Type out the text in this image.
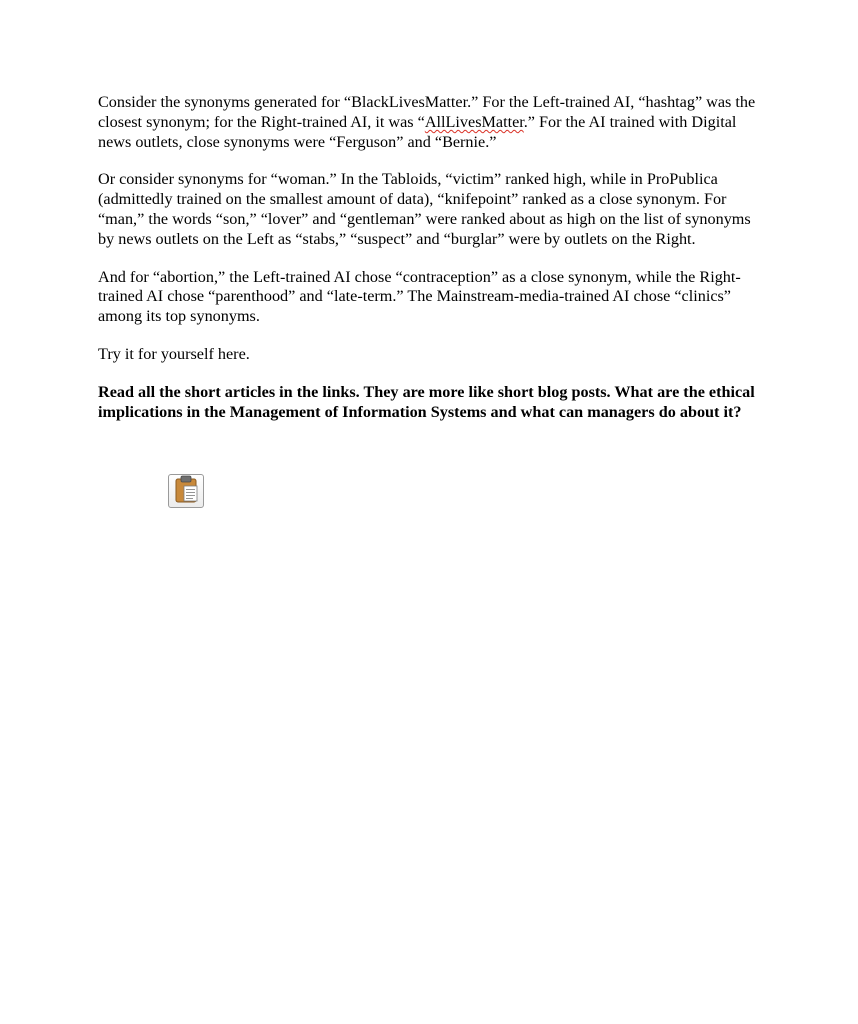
Consider the synonyms generated for “BlackLivesMatter.” For the Left-trained AI, “hashtag” was the closest synonym; for the Right-trained AI, it was “AllLivesMatter.” For the AI trained with Digital news outlets, close synonyms were “Ferguson” and “Bernie.”

Or consider synonyms for “woman.” In the Tabloids, “victim” ranked high, while in ProPublica (admittedly trained on the smallest amount of data), “knifepoint” ranked as a close synonym. For “man,” the words “son,” “lover” and “gentleman” were ranked about as high on the list of synonyms by news outlets on the Left as “stabs,” “suspect” and “burglar” were by outlets on the Right.

And for “abortion,” the Left-trained AI chose “contraception” as a close synonym, while the Right-trained AI chose “parenthood” and “late-term.” The Mainstream-media-trained AI chose “clinics” among its top synonyms.

Try it for yourself here.

Read all the short articles in the links. They are more like short blog posts. What are the ethical implications in the Management of Information Systems and what can managers do about it?
